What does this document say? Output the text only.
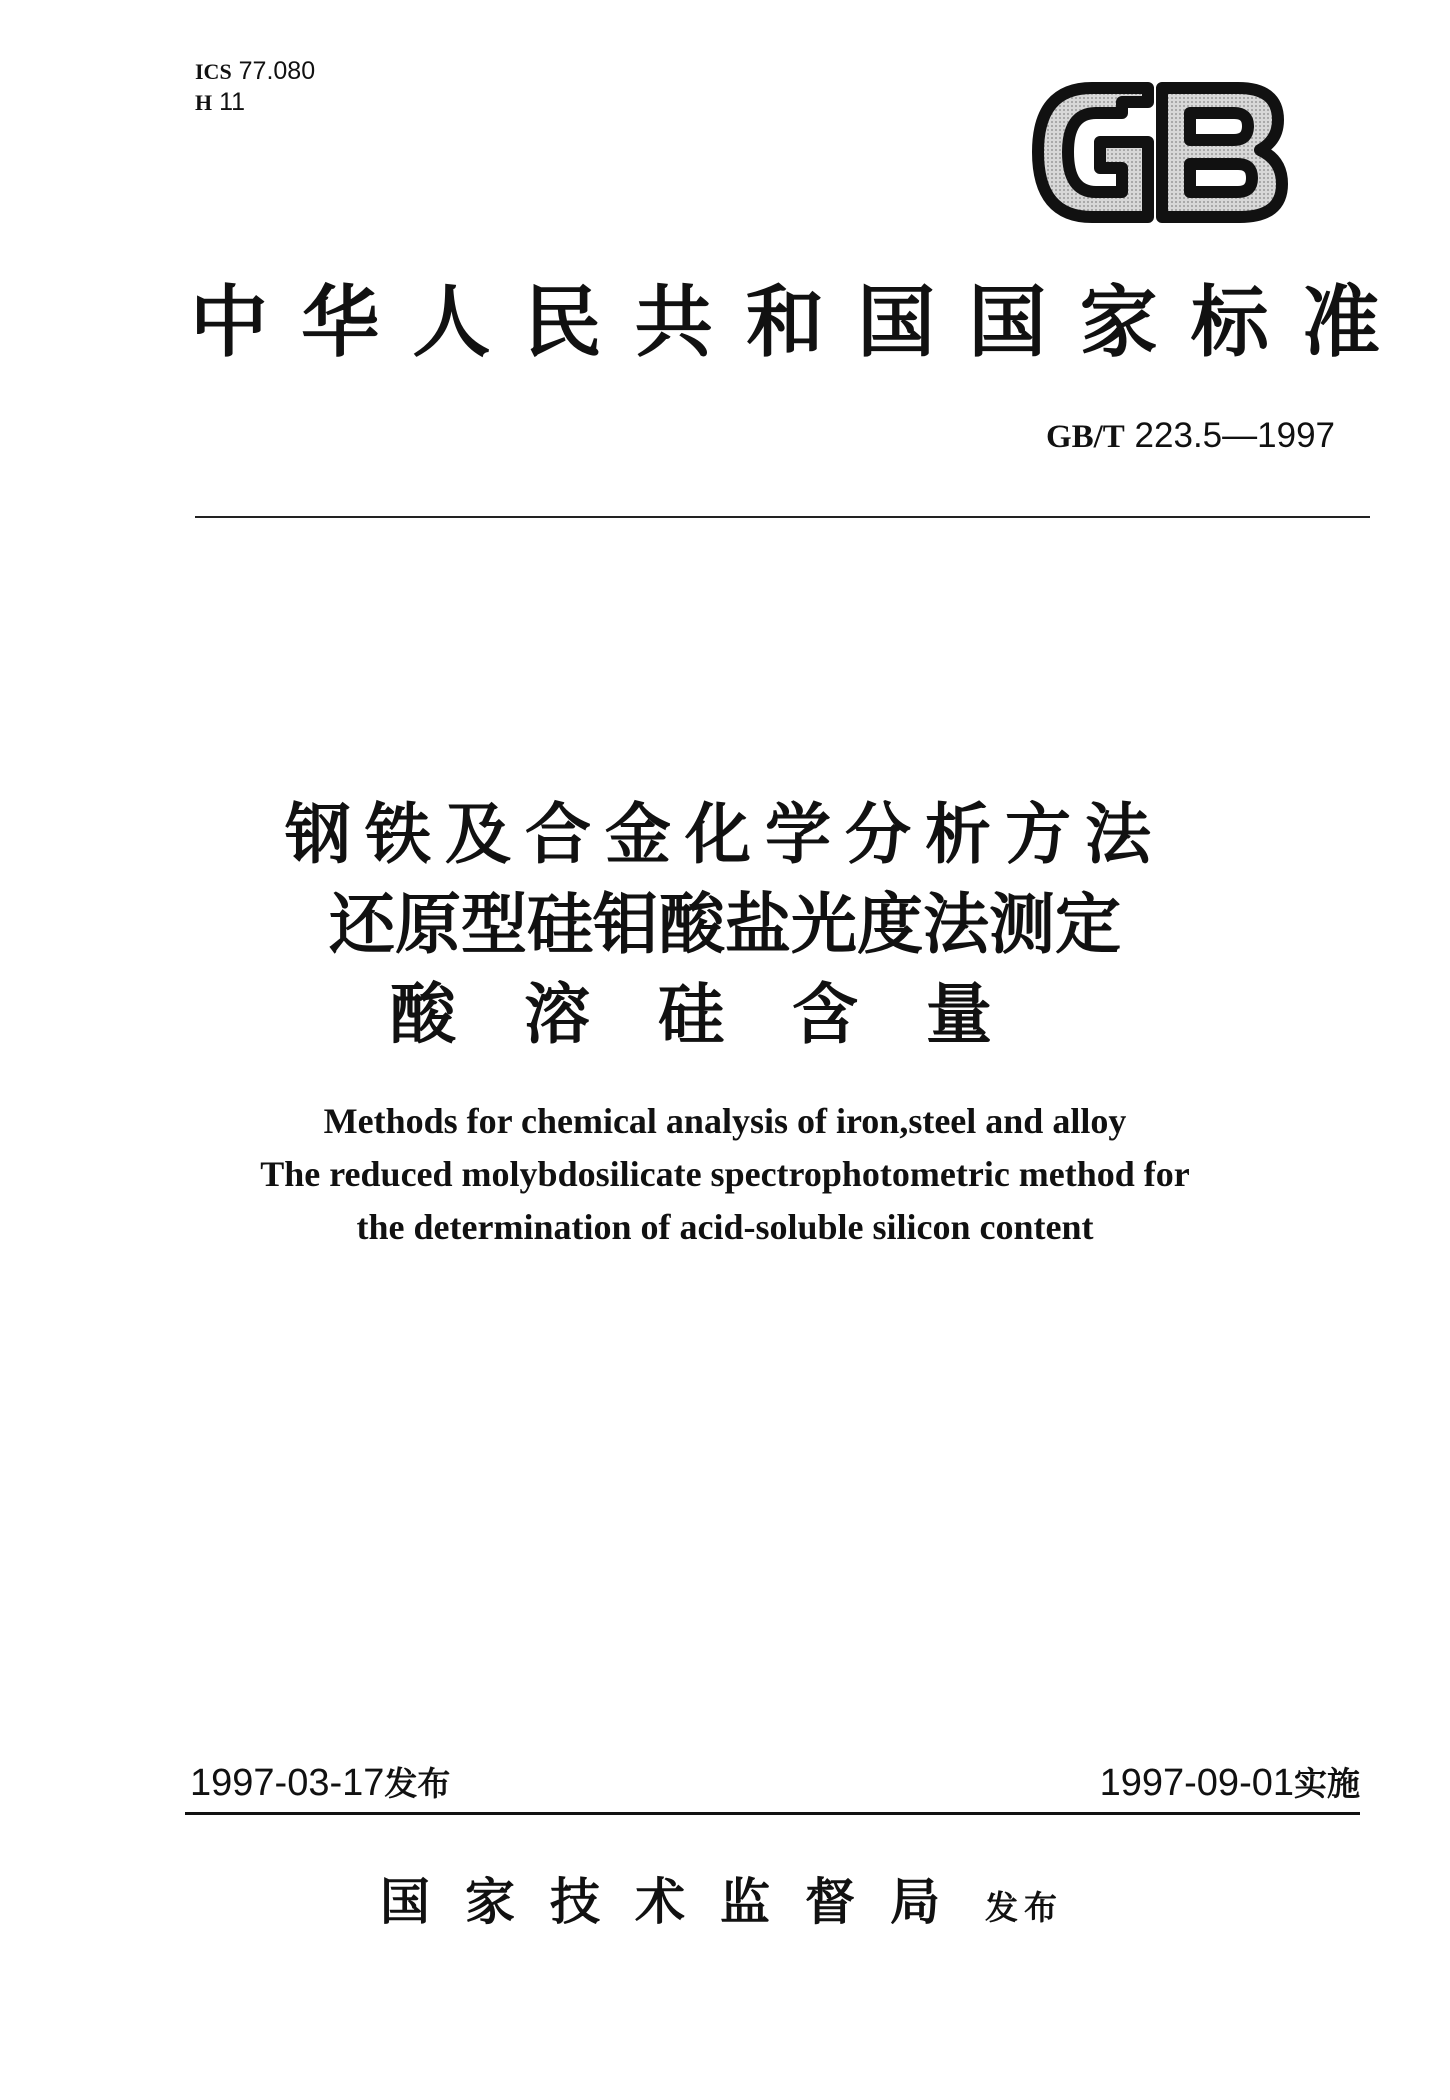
ICS 77.080
H 11
中华人民共和国国家标准
GB/T 223.5—1997
钢铁及合金化学分析方法
还原型硅钼酸盐光度法测定
酸溶硅含量
Methods for chemical analysis of iron,steel and alloy
The reduced molybdosilicate spectrophotometric method for
the determination of acid-soluble silicon content
1997-03-17发布	1997-09-01实施
国家技术监督局 发布
